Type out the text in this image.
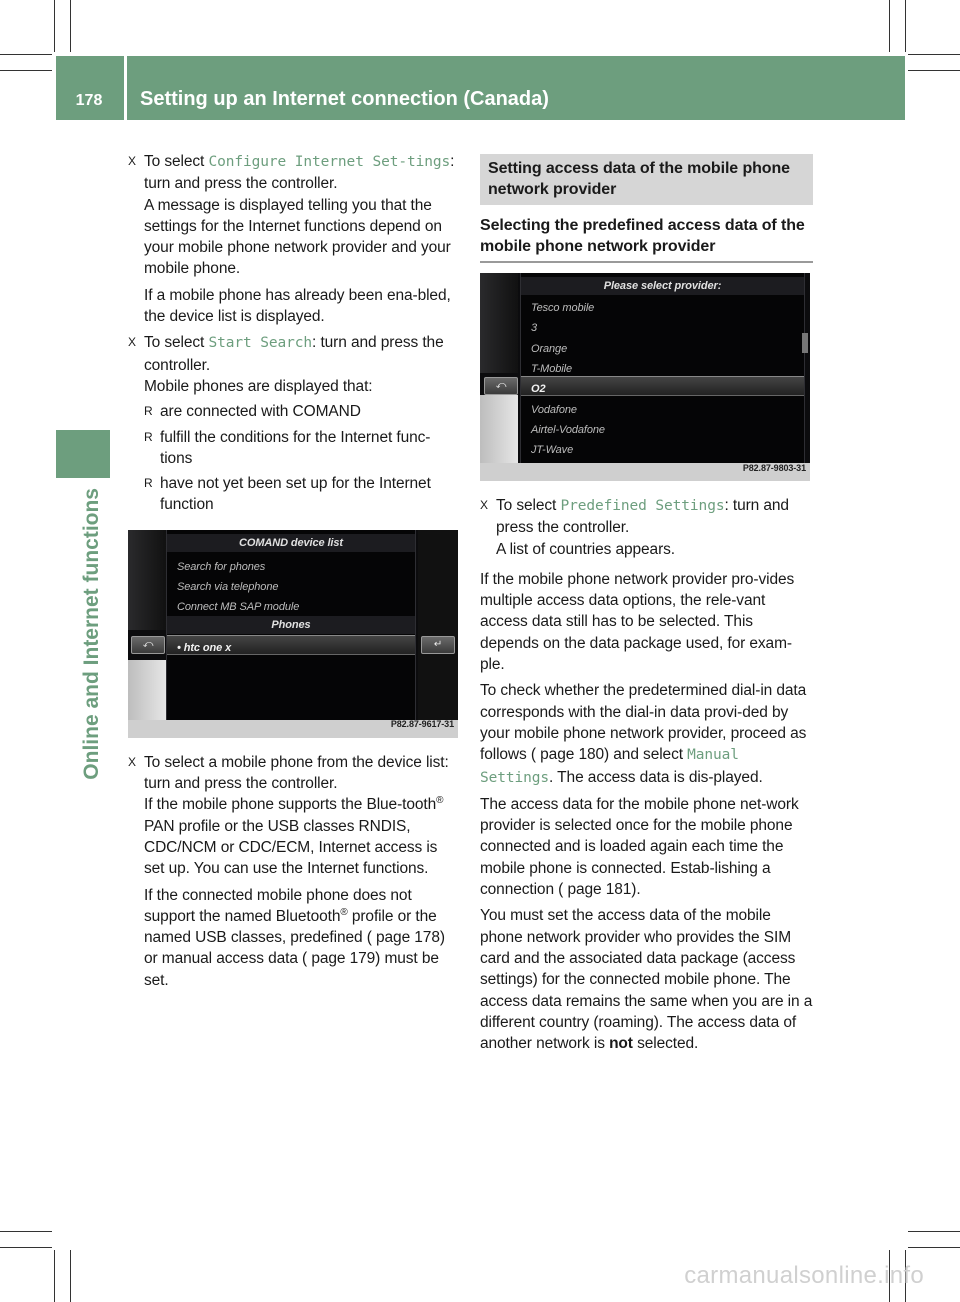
178	Setting up an Internet connection (Canada)
Online and Internet functions
X To select Configure Internet Set‐tings: turn and press the controller.
A message is displayed telling you that the settings for the Internet functions depend on your mobile phone network provider and your mobile phone.
If a mobile phone has already been ena‐bled, the device list is displayed.
X To select Start Search: turn and press the controller.
Mobile phones are displayed that:
R are connected with COMAND
R fulfill the conditions for the Internet func‐tions
R have not yet been set up for the Internet function
COMAND device list
Search for phones
Search via telephone
Connect MB SAP module
Phones
• htc one x
⤺	↵
P82.87-9617-31
X To select a mobile phone from the device list: turn and press the controller.
If the mobile phone supports the Blue‐tooth® PAN profile or the USB classes RNDIS, CDC/NCM or CDC/ECM, Internet access is set up. You can use the Internet functions.
If the connected mobile phone does not support the named Bluetooth® profile or the named USB classes, predefined ( page 178) or manual access data ( page 179) must be set.
Setting access data of the mobile phone network provider
Selecting the predefined access data of the mobile phone network provider
Please select provider:
Tesco mobile
3
Orange
T-Mobile
O2
Vodafone
Airtel-Vodafone
JT-Wave
⤺
P82.87-9803-31
X To select Predefined Settings: turn and press the controller.
A list of countries appears.
If the mobile phone network provider pro‐vides multiple access data options, the rele‐vant access data still has to be selected. This depends on the data package used, for exam‐ple.
To check whether the predetermined dial-in data corresponds with the dial-in data provi‐ded by your mobile phone network provider, proceed as follows ( page 180) and select Manual Settings. The access data is dis‐played.
The access data for the mobile phone net‐work provider is selected once for the mobile phone connected and is loaded again each time the mobile phone is connected. Estab‐lishing a connection ( page 181).
You must set the access data of the mobile phone network provider who provides the SIM card and the associated data package (access settings) for the connected mobile phone. The access data remains the same when you are in a different country (roaming). The access data of another network is not selected.
carmanualsonline.info
